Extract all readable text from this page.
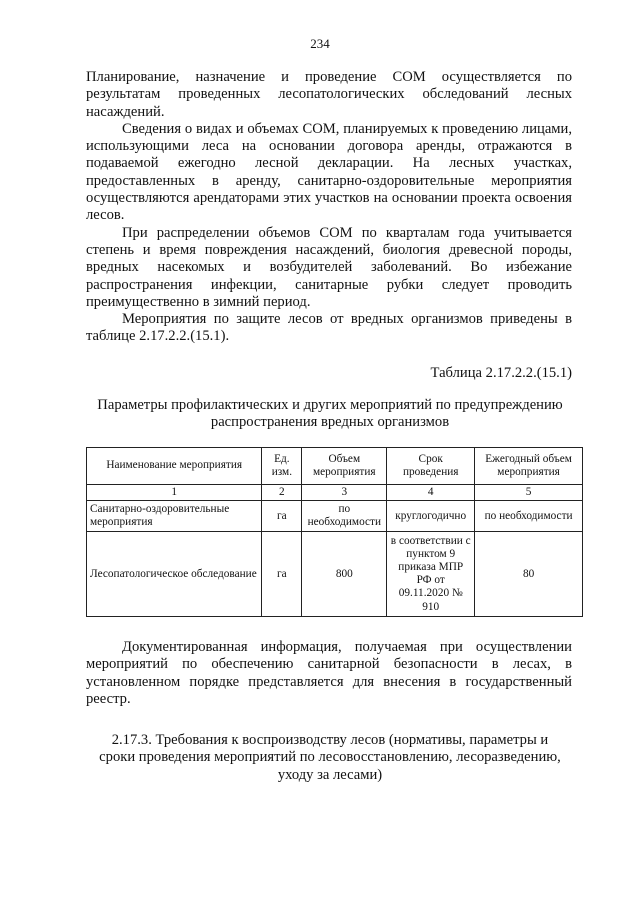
234

Планирование, назначение и проведение СОМ осуществляется по результатам проведенных лесопатологических обследований лесных насаждений.

Сведения о видах и объемах СОМ, планируемых к проведению лицами, использующими леса на основании договора аренды, отражаются в подаваемой ежегодно лесной декларации. На лесных участках, предоставленных в аренду, санитарно-оздоровительные мероприятия осуществляются арендаторами этих участков на основании проекта освоения лесов.

При распределении объемов СОМ по кварталам года учитывается степень и время повреждения насаждений, биология древесной породы, вредных насекомых и возбудителей заболеваний. Во избежание распространения инфекции, санитарные рубки следует проводить преимущественно в зимний период.

Мероприятия по защите лесов от вредных организмов приведены в таблице 2.17.2.2.(15.1).

Таблица 2.17.2.2.(15.1)
Параметры профилактических и других мероприятий по предупреждению
распространения вредных организмов
Наименование мероприятия	Ед. изм.	Объем мероприятия	Срок проведения	Ежегодный объем мероприятия
1	2	3	4	5
Санитарно-оздоровительные мероприятия	га	по необходимости	круглогодично	по необходимости
Лесопатологическое обследование	га	800	в соответствии с пунктом 9 приказа МПР РФ от 09.11.2020 № 910	80
Документированная информация, получаемая при осуществлении мероприятий по обеспечению санитарной безопасности в лесах, в установленном порядке представляется для внесения в государственный реестр.
2.17.3. Требования к воспроизводству лесов (нормативы, параметры и
сроки проведения мероприятий по лесовосстановлению, лесоразведению,
уходу за лесами)
